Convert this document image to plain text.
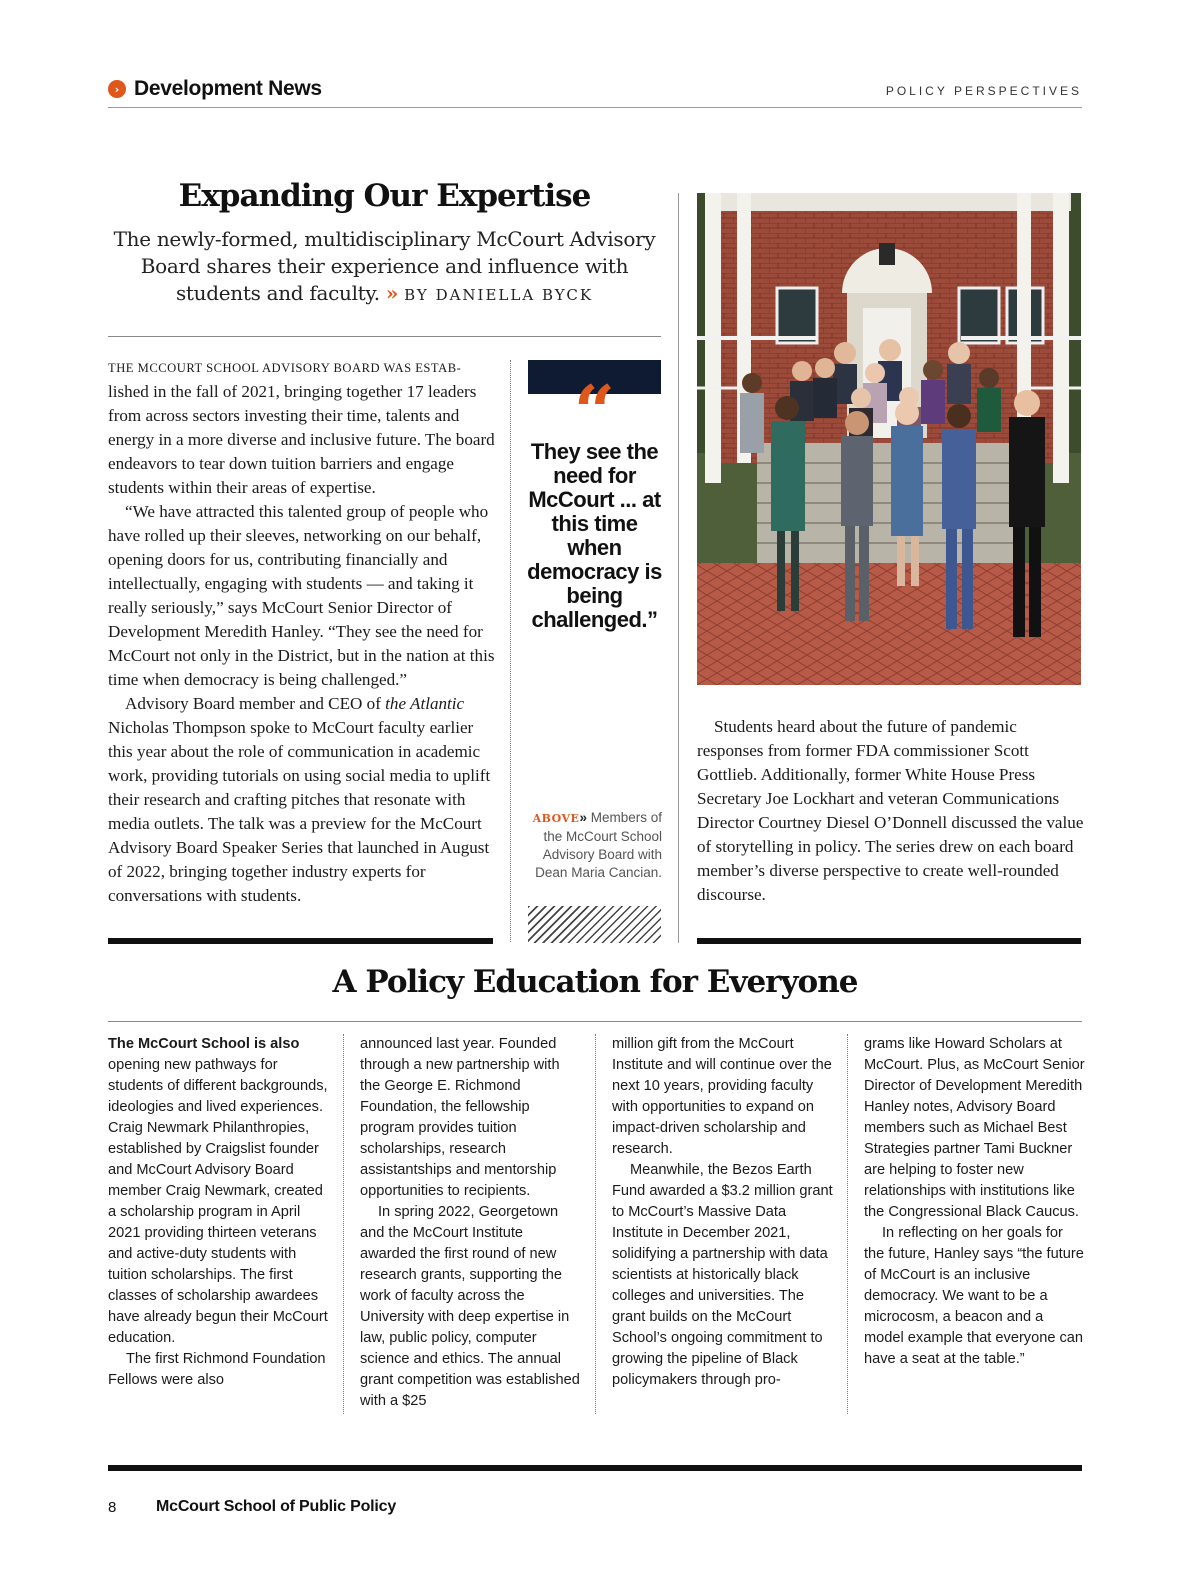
› Development News	POLICY PERSPECTIVES
Expanding Our Expertise
The newly-formed, multidisciplinary McCourt Advisory Board shares their experience and influence with students and faculty. » BY DANIELLA BYCK

THE MCCOURT SCHOOL ADVISORY BOARD WAS ESTAB- lished in the fall of 2021, bringing together 17 leaders from across sectors investing their time, talents and energy in a more diverse and inclusive future. The board endeavors to tear down tuition barriers and engage students within their areas of expertise.

“We have attracted this talented group of people who have rolled up their sleeves, networking on our behalf, opening doors for us, contributing financially and intellectually, engaging with students — and taking it really seriously,” says McCourt Senior Director of Development Meredith Hanley. “They see the need for McCourt not only in the District, but in the nation at this time when democracy is being challenged.”

Advisory Board member and CEO of the Atlantic Nicholas Thompson spoke to McCourt faculty earlier this year about the role of communication in academic work, providing tutorials on using social media to uplift their research and crafting pitches that resonate with media outlets. The talk was a preview for the McCourt Advisory Board Speaker Series that launched in August of 2022, bringing together industry experts for conversations with students.

“
They see the need for McCourt ... at this time when democracy is being challenged.”
ABOVE» Members of the McCourt School Advisory Board with Dean Maria Cancian.

Students heard about the future of pandemic responses from former FDA commissioner Scott Gottlieb. Additionally, former White House Press Secretary Joe Lockhart and veteran Communications Director Courtney Diesel O’Donnell discussed the value of storytelling in policy. The series drew on each board member’s diverse perspective to create well-rounded discourse.

A Policy Education for Everyone

The McCourt School is also opening new pathways for students of different backgrounds, ideologies and lived experiences. Craig Newmark Philanthropies, established by Craigslist founder and McCourt Advisory Board member Craig Newmark, created a scholarship program in April 2021 providing thirteen veterans and active-duty students with tuition scholarships. The first classes of scholarship awardees have already begun their McCourt education.

The first Richmond Foundation Fellows were also

announced last year. Founded through a new partnership with the George E. Richmond Foundation, the fellowship program provides tuition scholarships, research assistantships and mentorship opportunities to recipients.

In spring 2022, Georgetown and the McCourt Institute awarded the first round of new research grants, supporting the work of faculty across the University with deep expertise in law, public policy, computer science and ethics. The annual grant competition was established with a $25

million gift from the McCourt Institute and will continue over the next 10 years, providing faculty with opportunities to expand on impact-driven scholarship and research.

Meanwhile, the Bezos Earth Fund awarded a $3.2 million grant to McCourt’s Massive Data Institute in December 2021, solidifying a partnership with data scientists at historically black colleges and universities. The grant builds on the McCourt School’s ongoing commitment to growing the pipeline of Black policymakers through pro-

grams like Howard Scholars at McCourt. Plus, as McCourt Senior Director of Development Meredith Hanley notes, Advisory Board members such as Michael Best Strategies partner Tami Buckner are helping to foster new relationships with institutions like the Congressional Black Caucus.

In reflecting on her goals for the future, Hanley says “the future of McCourt is an inclusive democracy. We want to be a microcosm, a beacon and a model example that everyone can have a seat at the table.”

8 McCourt School of Public Policy
